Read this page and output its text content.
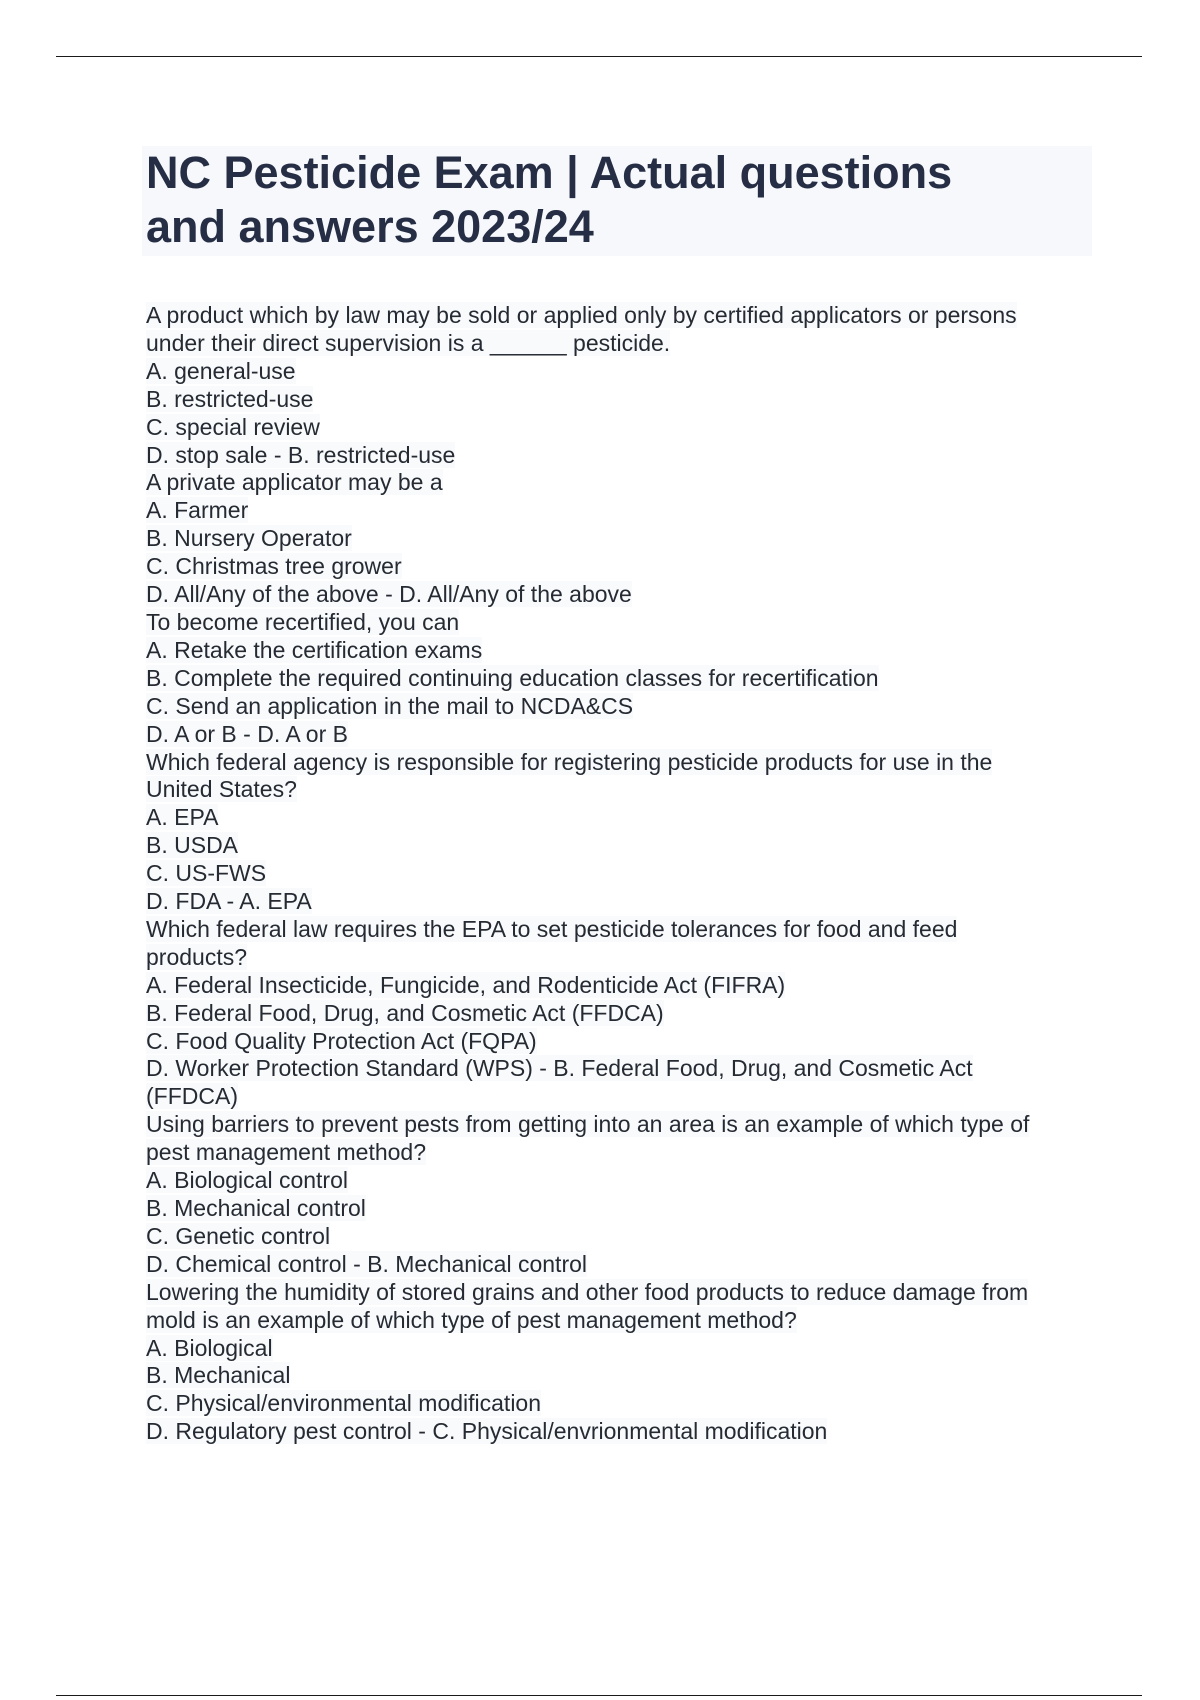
NC Pesticide Exam | Actual questions
and answers 2023/24
A product which by law may be sold or applied only by certified applicators or persons
under their direct supervision is a ______ pesticide.
A. general-use
B. restricted-use
C. special review
D. stop sale - B. restricted-use
A private applicator may be a
A. Farmer
B. Nursery Operator
C. Christmas tree grower
D. All/Any of the above - D. All/Any of the above
To become recertified, you can
A. Retake the certification exams
B. Complete the required continuing education classes for recertification
C. Send an application in the mail to NCDA&CS
D. A or B - D. A or B
Which federal agency is responsible for registering pesticide products for use in the
United States?
A. EPA
B. USDA
C. US-FWS
D. FDA - A. EPA
Which federal law requires the EPA to set pesticide tolerances for food and feed
products?
A. Federal Insecticide, Fungicide, and Rodenticide Act (FIFRA)
B. Federal Food, Drug, and Cosmetic Act (FFDCA)
C. Food Quality Protection Act (FQPA)
D. Worker Protection Standard (WPS) - B. Federal Food, Drug, and Cosmetic Act
(FFDCA)
Using barriers to prevent pests from getting into an area is an example of which type of
pest management method?
A. Biological control
B. Mechanical control
C. Genetic control
D. Chemical control - B. Mechanical control
Lowering the humidity of stored grains and other food products to reduce damage from
mold is an example of which type of pest management method?
A. Biological
B. Mechanical
C. Physical/environmental modification
D. Regulatory pest control - C. Physical/envrionmental modification
